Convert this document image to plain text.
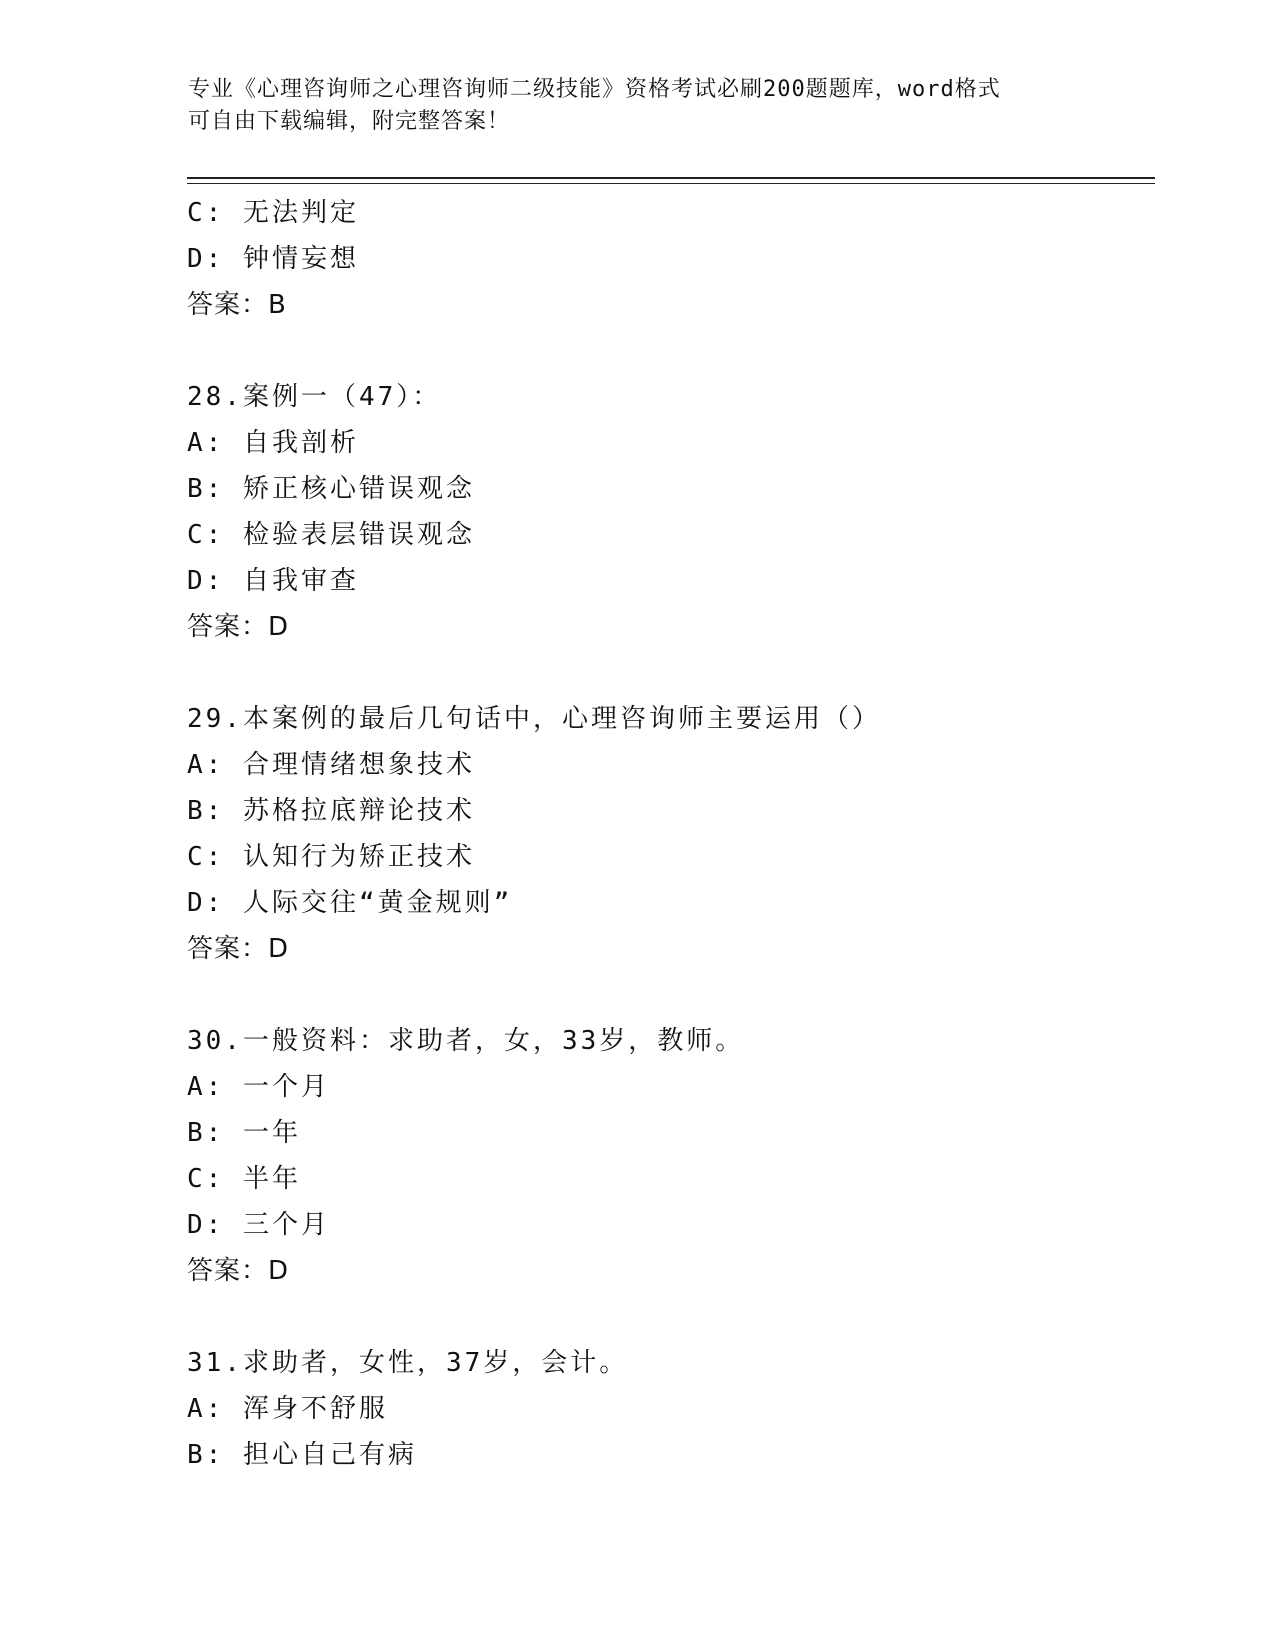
专业《心理咨询师之心理咨询师二级技能》资格考试必刷200题题库，word格式
可自由下载编辑，附完整答案！
C: 无法判定
D: 钟情妄想
答案：B
28.案例一（47）：
A: 自我剖析
B: 矫正核心错误观念
C: 检验表层错误观念
D: 自我审查
答案：D
29.本案例的最后几句话中，心理咨询师主要运用（）
A: 合理情绪想象技术
B: 苏格拉底辩论技术
C: 认知行为矫正技术
D: 人际交往“黄金规则”
答案：D
30.一般资料：求助者，女，33岁，教师。
A: 一个月
B: 一年
C: 半年
D: 三个月
答案：D
31.求助者，女性，37岁，会计。
A: 浑身不舒服
B: 担心自己有病
